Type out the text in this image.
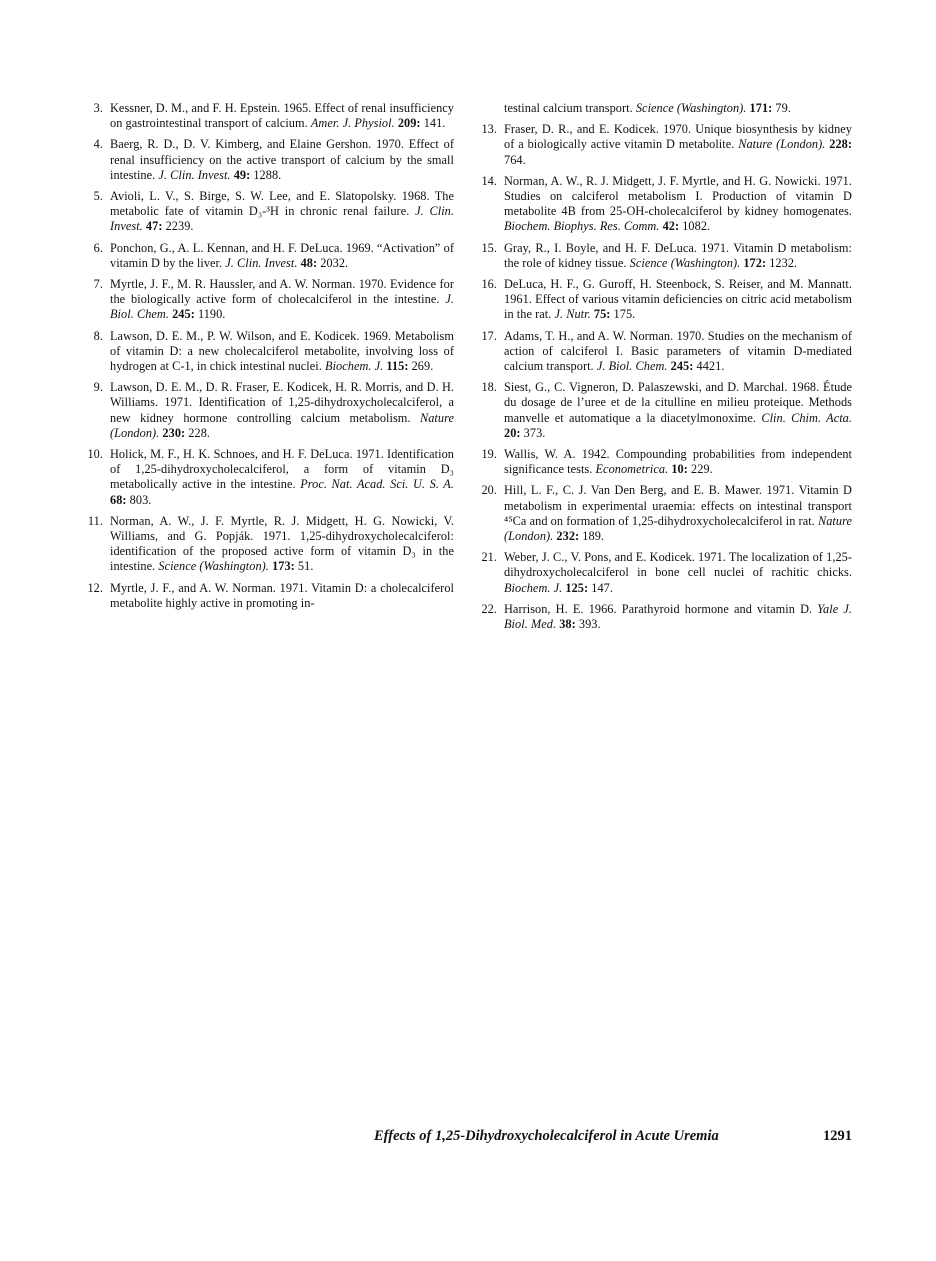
3. Kessner, D. M., and F. H. Epstein. 1965. Effect of renal insufficiency on gastrointestinal transport of calcium. Amer. J. Physiol. 209: 141.
4. Baerg, R. D., D. V. Kimberg, and Elaine Gershon. 1970. Effect of renal insufficiency on the active transport of calcium by the small intestine. J. Clin. Invest. 49: 1288.
5. Avioli, L. V., S. Birge, S. W. Lee, and E. Slatopolsky. 1968. The metabolic fate of vitamin D₃-³H in chronic renal failure. J. Clin. Invest. 47: 2239.
6. Ponchon, G., A. L. Kennan, and H. F. DeLuca. 1969. “Activation” of vitamin D by the liver. J. Clin. Invest. 48: 2032.
7. Myrtle, J. F., M. R. Haussler, and A. W. Norman. 1970. Evidence for the biologically active form of cholecalciferol in the intestine. J. Biol. Chem. 245: 1190.
8. Lawson, D. E. M., P. W. Wilson, and E. Kodicek. 1969. Metabolism of vitamin D: a new cholecalciferol metabolite, involving loss of hydrogen at C-1, in chick intestinal nuclei. Biochem. J. 115: 269.
9. Lawson, D. E. M., D. R. Fraser, E. Kodicek, H. R. Morris, and D. H. Williams. 1971. Identification of 1,25-dihydroxycholecalciferol, a new kidney hormone controlling calcium metabolism. Nature (London). 230: 228.
10. Holick, M. F., H. K. Schnoes, and H. F. DeLuca. 1971. Identification of 1,25-dihydroxycholecalciferol, a form of vitamin D₃ metabolically active in the intestine. Proc. Nat. Acad. Sci. U. S. A. 68: 803.
11. Norman, A. W., J. F. Myrtle, R. J. Midgett, H. G. Nowicki, V. Williams, and G. Popják. 1971. 1,25-dihydroxycholecalciferol: identification of the proposed active form of vitamin D₃ in the intestine. Science (Washington). 173: 51.
12. Myrtle, J. F., and A. W. Norman. 1971. Vitamin D: a cholecalciferol metabolite highly active in promoting in-
testinal calcium transport. Science (Washington). 171: 79.
13. Fraser, D. R., and E. Kodicek. 1970. Unique biosynthesis by kidney of a biologically active vitamin D metabolite. Nature (London). 228: 764.
14. Norman, A. W., R. J. Midgett, J. F. Myrtle, and H. G. Nowicki. 1971. Studies on calciferol metabolism I. Production of vitamin D metabolite 4B from 25-OH-cholecalciferol by kidney homogenates. Biochem. Biophys. Res. Comm. 42: 1082.
15. Gray, R., I. Boyle, and H. F. DeLuca. 1971. Vitamin D metabolism: the role of kidney tissue. Science (Washington). 172: 1232.
16. DeLuca, H. F., G. Guroff, H. Steenbock, S. Reiser, and M. Mannatt. 1961. Effect of various vitamin deficiencies on citric acid metabolism in the rat. J. Nutr. 75: 175.
17. Adams, T. H., and A. W. Norman. 1970. Studies on the mechanism of action of calciferol I. Basic parameters of vitamin D-mediated calcium transport. J. Biol. Chem. 245: 4421.
18. Siest, G., C. Vigneron, D. Palaszewski, and D. Marchal. 1968. Étude du dosage de l’uree et de la citulline en milieu proteique. Methods manvelle et automatique a la diacetylmonoxime. Clin. Chim. Acta. 20: 373.
19. Wallis, W. A. 1942. Compounding probabilities from independent significance tests. Econometrica. 10: 229.
20. Hill, L. F., C. J. Van Den Berg, and E. B. Mawer. 1971. Vitamin D metabolism in experimental uraemia: effects on intestinal transport ⁴⁵Ca and on formation of 1,25-dihydroxycholecalciferol in rat. Nature (London). 232: 189.
21. Weber, J. C., V. Pons, and E. Kodicek. 1971. The localization of 1,25-dihydroxycholecalciferol in bone cell nuclei of rachitic chicks. Biochem. J. 125: 147.
22. Harrison, H. E. 1966. Parathyroid hormone and vitamin D. Yale J. Biol. Med. 38: 393.
Effects of 1,25-Dihydroxycholecalciferol in Acute Uremia	1291
